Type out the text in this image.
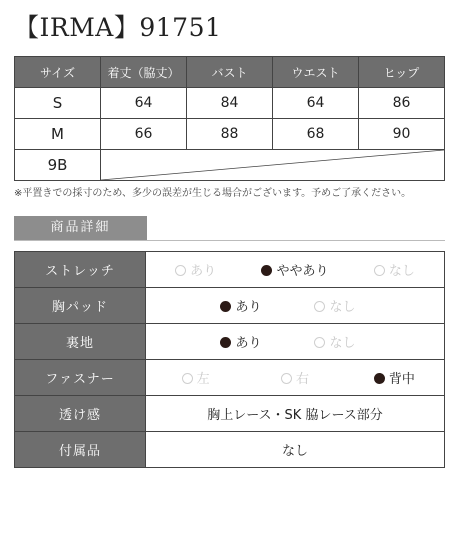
【IRMA】91751
サイズ	着丈（脇丈）	バスト	ウエスト	ヒップ
S	64	84	64	86
M	66	88	68	90
9B	
※平置きでの採寸のため、多少の誤差が生じる場合がございます。予めご了承ください。
商品詳細
ストレッチ	あり ややあり なし

胸パッド	あり なし

裏地	あり なし

ファスナー	左 右 背中

透け感	胸上レース・SK 脇レース部分
付属品	なし
